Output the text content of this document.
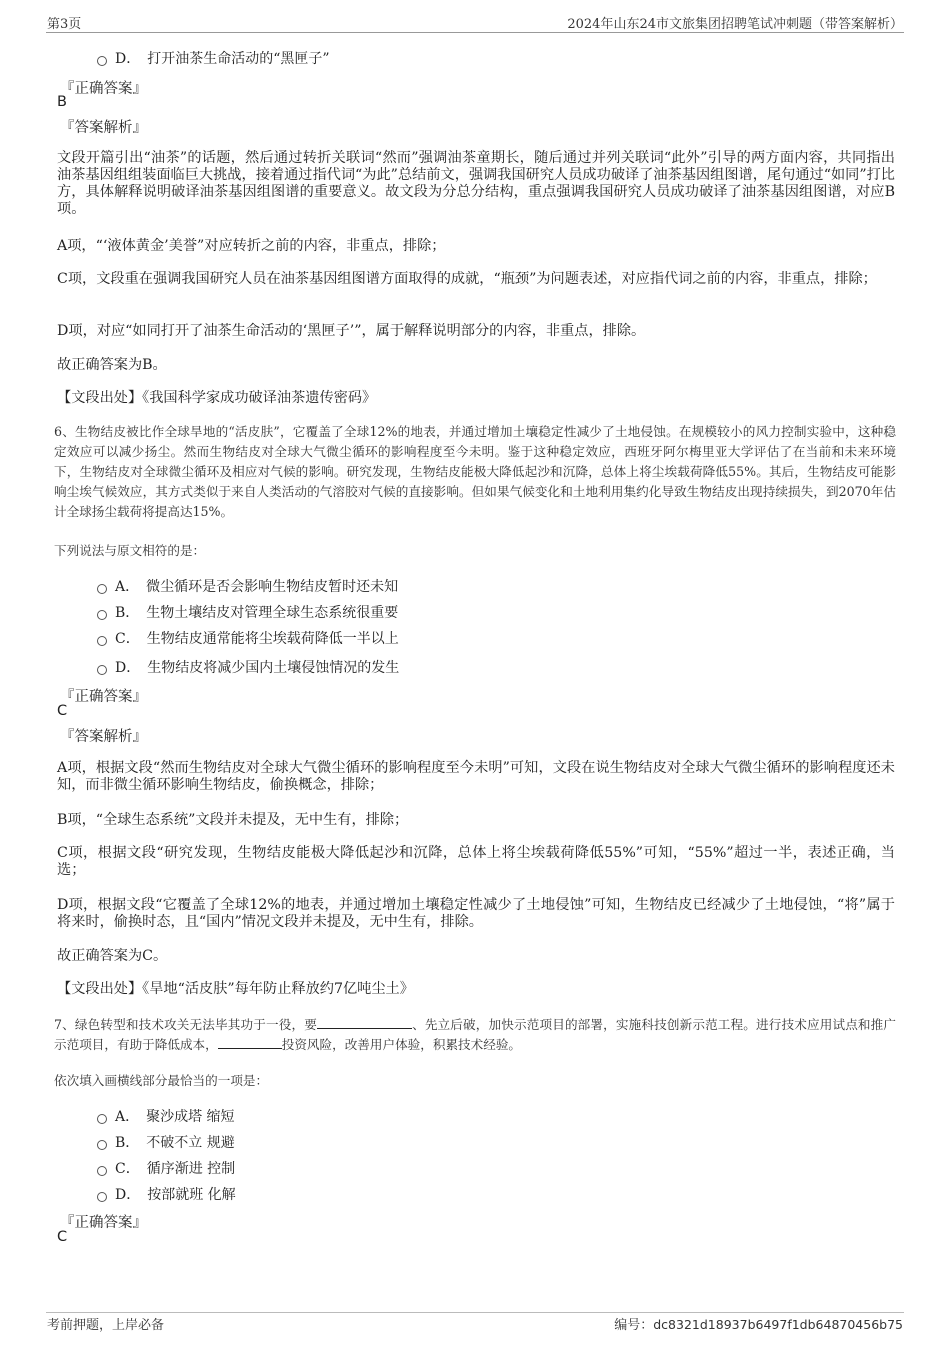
第3页	2024年山东24市文旅集团招聘笔试冲刺题（带答案解析）
D．　打开油茶生命活动的“黑匣子”
『正确答案』
B
『答案解析』
文段开篇引出“油茶”的话题，然后通过转折关联词“然而”强调油茶童期长，随后通过并列关联词“此外”引导的两方面内容，共同指出油茶基因组组装面临巨大挑战，接着通过指代词“为此”总结前文，强调我国研究人员成功破译了油茶基因组图谱，尾句通过“如同”打比方，具体解释说明破译油茶基因组图谱的重要意义。故文段为分总分结构，重点强调我国研究人员成功破译了油茶基因组图谱，对应B项。
A项，“‘液体黄金’美誉”对应转折之前的内容，非重点，排除；
C项，文段重在强调我国研究人员在油茶基因组图谱方面取得的成就，“瓶颈”为问题表述，对应指代词之前的内容，非重点，排除；
D项，对应“如同打开了油茶生命活动的‘黑匣子’”，属于解释说明部分的内容，非重点，排除。
故正确答案为B。
【文段出处】《我国科学家成功破译油茶遗传密码》
6、生物结皮被比作全球旱地的“活皮肤”，它覆盖了全球12%的地表，并通过增加土壤稳定性减少了土地侵蚀。在规模较小的风力控制实验中，这种稳定效应可以减少扬尘。然而生物结皮对全球大气微尘循环的影响程度至今未明。鉴于这种稳定效应，西班牙阿尔梅里亚大学评估了在当前和未来环境下，生物结皮对全球微尘循环及相应对气候的影响。研究发现，生物结皮能极大降低起沙和沉降，总体上将尘埃载荷降低55%。其后，生物结皮可能影响尘埃气候效应，其方式类似于来自人类活动的气溶胶对气候的直接影响。但如果气候变化和土地利用集约化导致生物结皮出现持续损失，到2070年估计全球扬尘载荷将提高达15%。
下列说法与原文相符的是：
A．　微尘循环是否会影响生物结皮暂时还未知
B．　生物土壤结皮对管理全球生态系统很重要
C．　生物结皮通常能将尘埃载荷降低一半以上
D．　生物结皮将减少国内土壤侵蚀情况的发生
『正确答案』
C
『答案解析』
A项，根据文段“然而生物结皮对全球大气微尘循环的影响程度至今未明”可知，文段在说生物结皮对全球大气微尘循环的影响程度还未知，而非微尘循环影响生物结皮，偷换概念，排除；
B项，“全球生态系统”文段并未提及，无中生有，排除；
C项，根据文段“研究发现，生物结皮能极大降低起沙和沉降，总体上将尘埃载荷降低55%”可知，“55%”超过一半，表述正确，当选；
D项，根据文段“它覆盖了全球12%的地表，并通过增加土壤稳定性减少了土地侵蚀”可知，生物结皮已经减少了土地侵蚀，“将”属于将来时，偷换时态，且“国内”情况文段并未提及，无中生有，排除。
故正确答案为C。
【文段出处】《旱地“活皮肤”每年防止释放约7亿吨尘土》
7、绿色转型和技术攻关无法毕其功于一役，要	、先立后破，加快示范项目的部署，实施科技创新示范工程。进行技术应用试点和推广示范项目，有助于降低成本，	投资风险，改善用户体验，积累技术经验。
依次填入画横线部分最恰当的一项是：
A．　聚沙成塔 缩短
B．　不破不立 规避
C．　循序渐进 控制
D．　按部就班 化解
『正确答案』
C
考前押题，上岸必备	编号：dc8321d18937b6497f1db64870456b75
